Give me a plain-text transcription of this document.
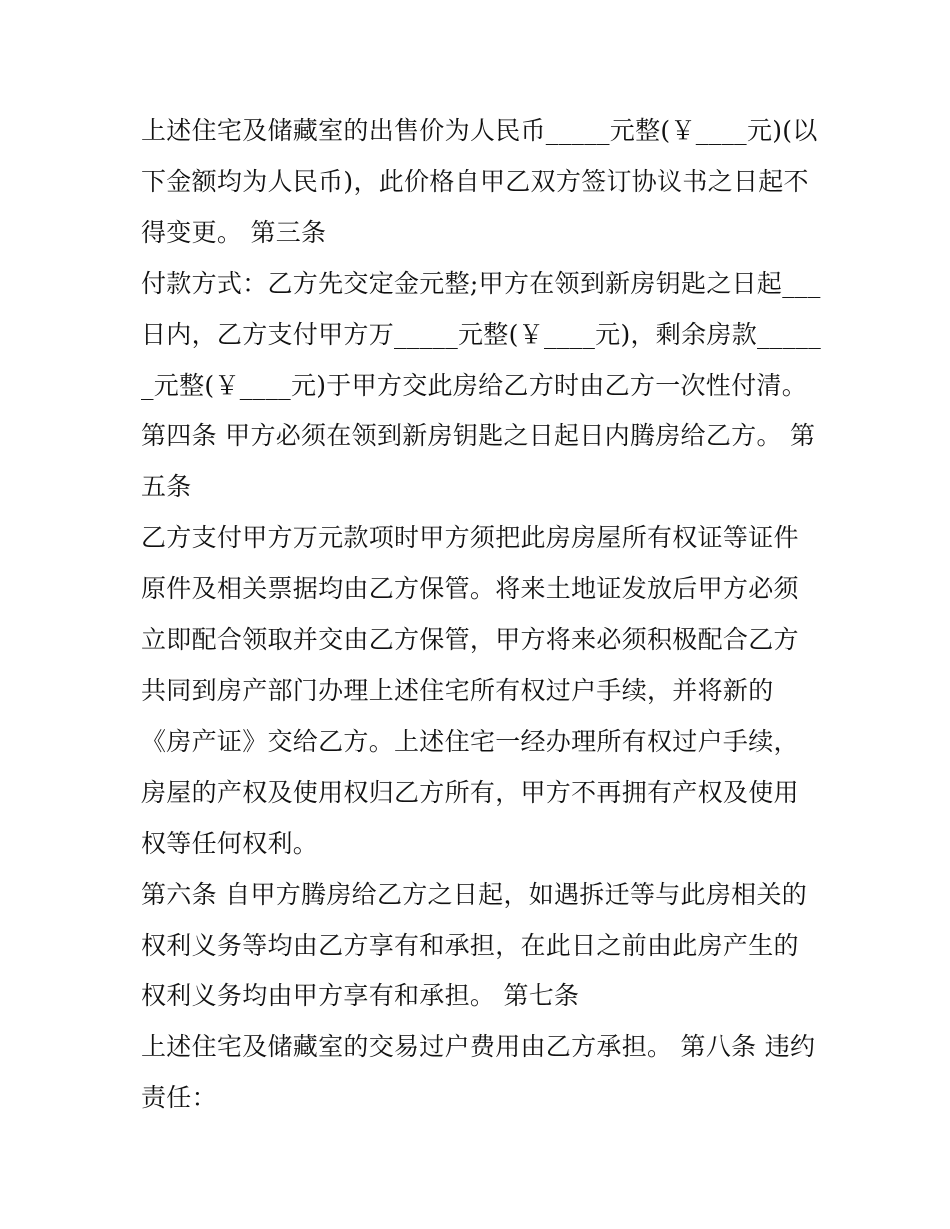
上述住宅及储藏室的出售价为人民币_____元整(￥____元)(以下金额均为人民币)，此价格自甲乙双方签订协议书之日起不得变更。 第三条

付款方式：乙方先交定金元整;甲方在领到新房钥匙之日起___日内，乙方支付甲方万_____元整(￥____元)，剩余房款______元整(￥____元)于甲方交此房给乙方时由乙方一次性付清。

第四条 甲方必须在领到新房钥匙之日起日内腾房给乙方。 第五条

乙方支付甲方万元款项时甲方须把此房房屋所有权证等证件原件及相关票据均由乙方保管。将来土地证发放后甲方必须立即配合领取并交由乙方保管，甲方将来必须积极配合乙方共同到房产部门办理上述住宅所有权过户手续，并将新的《房产证》交给乙方。上述住宅一经办理所有权过户手续，房屋的产权及使用权归乙方所有，甲方不再拥有产权及使用权等任何权利。

第六条 自甲方腾房给乙方之日起，如遇拆迁等与此房相关的权利义务等均由乙方享有和承担，在此日之前由此房产生的权利义务均由甲方享有和承担。 第七条

上述住宅及储藏室的交易过户费用由乙方承担。 第八条 违约责任：
